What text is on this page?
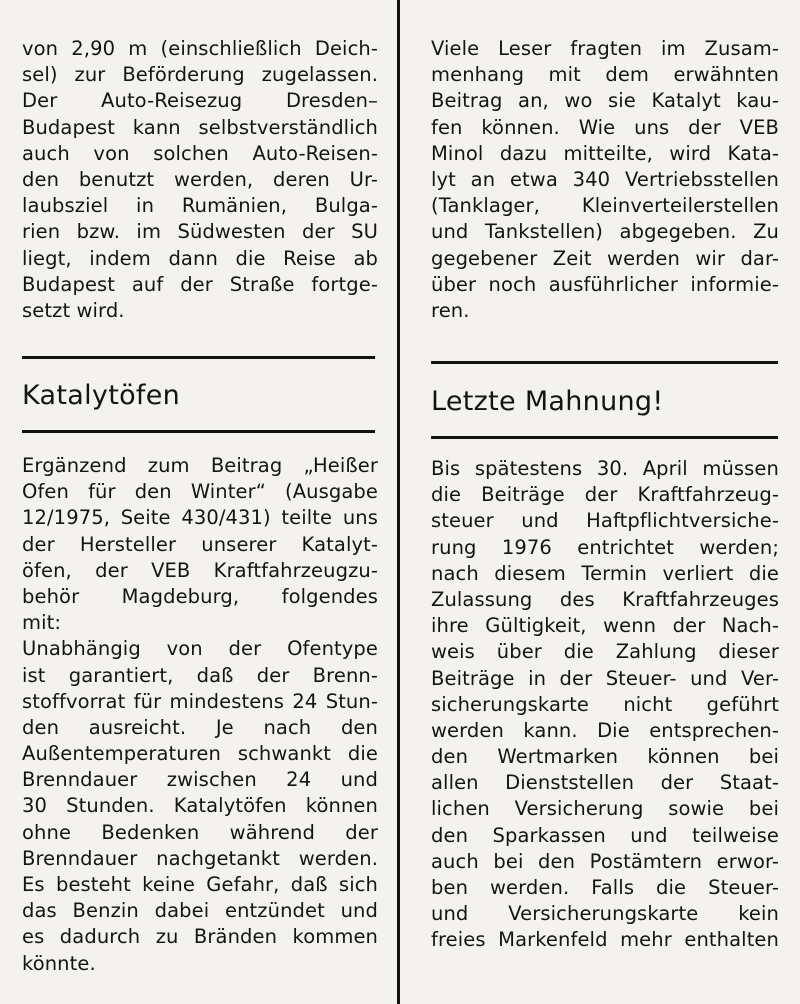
von 2,90 m (einschließlich Deich-
sel) zur Beförderung zugelassen.
Der Auto-Reisezug Dresden–
Budapest kann selbstverständlich
auch von solchen Auto-Reisen-
den benutzt werden, deren Ur-
laubsziel in Rumänien, Bulga-
rien bzw. im Südwesten der SU
liegt, indem dann die Reise ab
Budapest auf der Straße fortge-
setzt wird.
Katalytöfen
Ergänzend zum Beitrag „Heißer
Ofen für den Winter“ (Ausgabe
12/1975, Seite 430/431) teilte uns
der Hersteller unserer Katalyt-
öfen, der VEB Kraftfahrzeugzu-
behör Magdeburg, folgendes
mit:
Unabhängig von der Ofentype
ist garantiert, daß der Brenn-
stoffvorrat für mindestens 24 Stun-
den ausreicht. Je nach den
Außentemperaturen schwankt die
Brenndauer zwischen 24 und
30 Stunden. Katalytöfen können
ohne Bedenken während der
Brenndauer nachgetankt werden.
Es besteht keine Gefahr, daß sich
das Benzin dabei entzündet und
es dadurch zu Bränden kommen
könnte.
Viele Leser fragten im Zusam-
menhang mit dem erwähnten
Beitrag an, wo sie Katalyt kau-
fen können. Wie uns der VEB
Minol dazu mitteilte, wird Kata-
lyt an etwa 340 Vertriebsstellen
(Tanklager, Kleinverteilerstellen
und Tankstellen) abgegeben. Zu
gegebener Zeit werden wir dar-
über noch ausführlicher informie-
ren.
Letzte Mahnung!
Bis spätestens 30. April müssen
die Beiträge der Kraftfahrzeug-
steuer und Haftpflichtversiche-
rung 1976 entrichtet werden;
nach diesem Termin verliert die
Zulassung des Kraftfahrzeuges
ihre Gültigkeit, wenn der Nach-
weis über die Zahlung dieser
Beiträge in der Steuer- und Ver-
sicherungskarte nicht geführt
werden kann. Die entsprechen-
den Wertmarken können bei
allen Dienststellen der Staat-
lichen Versicherung sowie bei
den Sparkassen und teilweise
auch bei den Postämtern erwor-
ben werden. Falls die Steuer-
und Versicherungskarte kein
freies Markenfeld mehr enthalten
